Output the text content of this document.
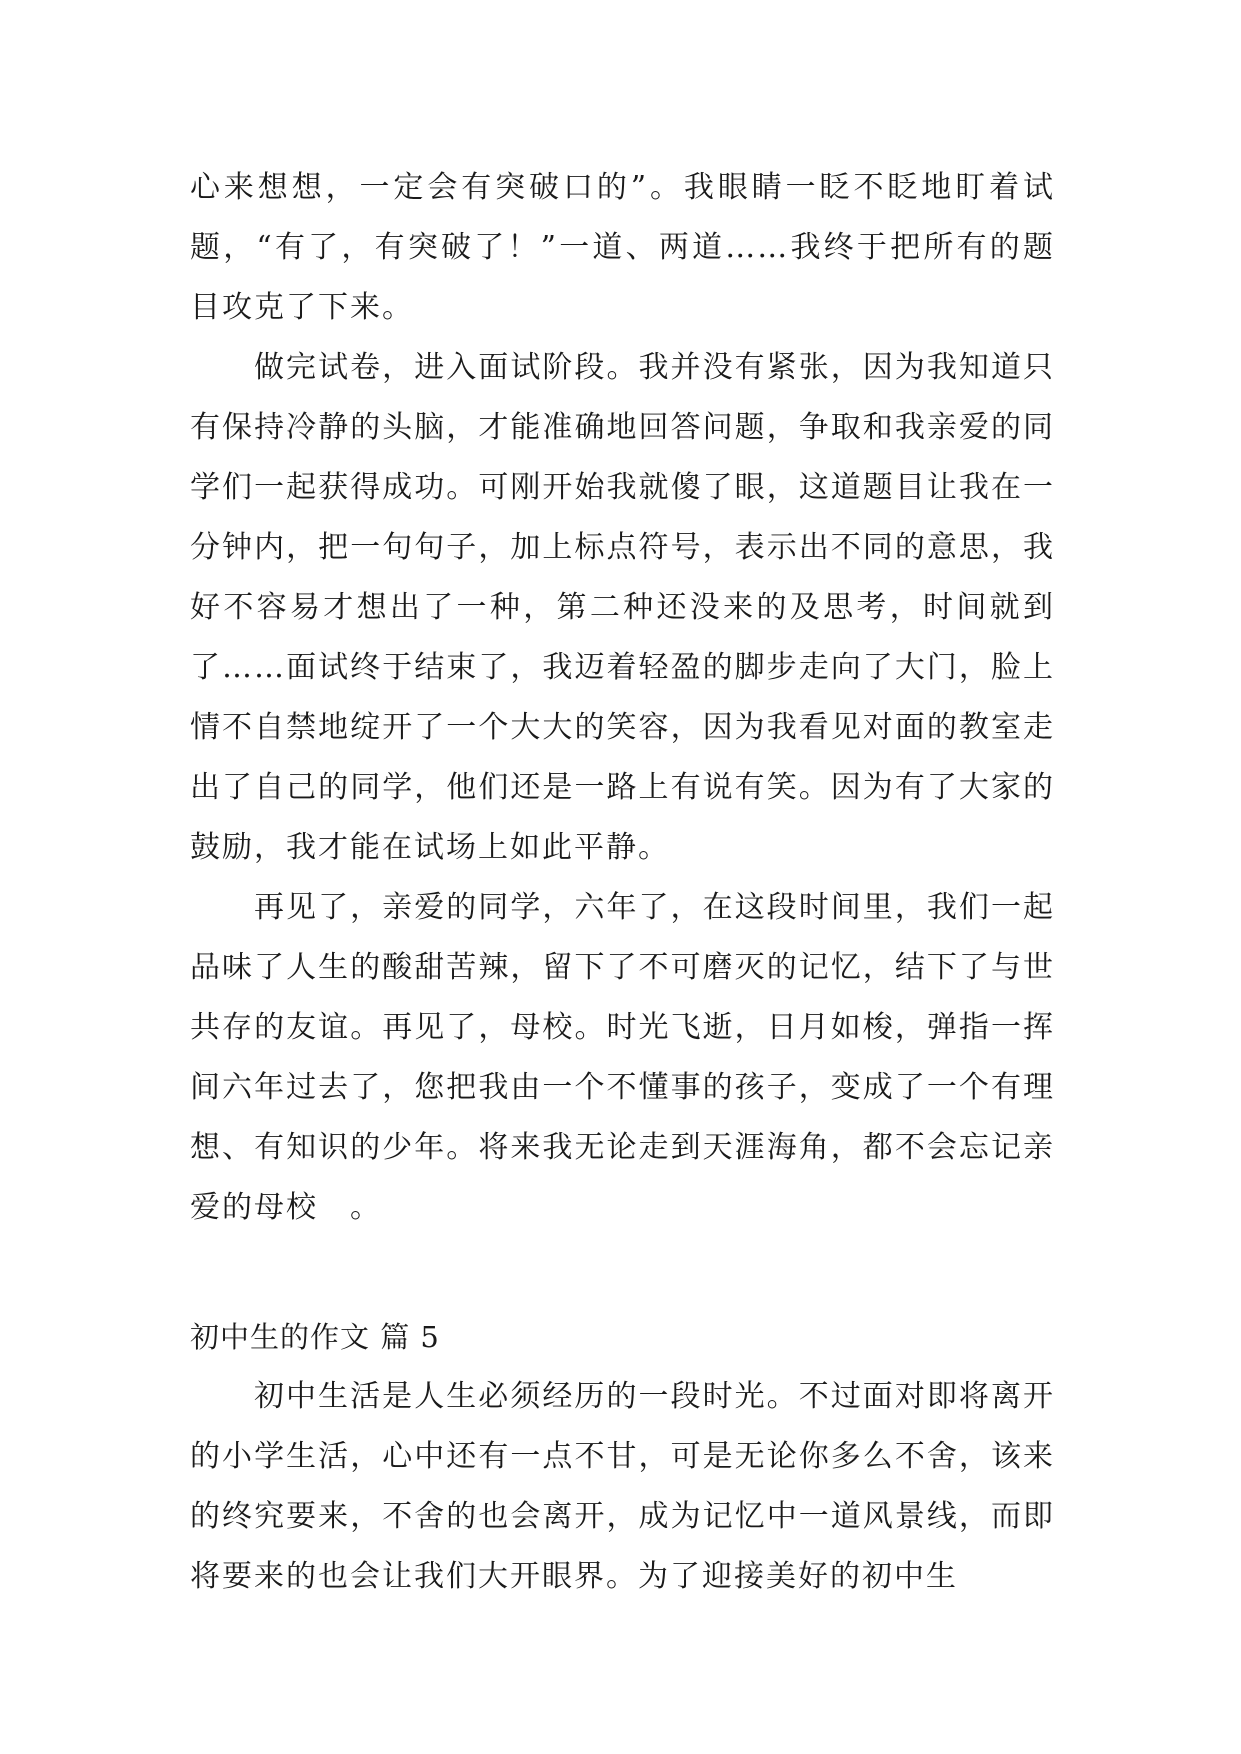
心来想想，一定会有突破口的”。我眼睛一眨不眨地盯着试题，“有了，有突破了！”一道、两道……我终于把所有的题目攻克了下来。

做完试卷，进入面试阶段。我并没有紧张，因为我知道只有保持冷静的头脑，才能准确地回答问题，争取和我亲爱的同学们一起获得成功。可刚开始我就傻了眼，这道题目让我在一分钟内，把一句句子，加上标点符号，表示出不同的意思，我好不容易才想出了一种，第二种还没来的及思考，时间就到了……面试终于结束了，我迈着轻盈的脚步走向了大门，脸上情不自禁地绽开了一个大大的笑容，因为我看见对面的教室走出了自己的同学，他们还是一路上有说有笑。因为有了大家的鼓励，我才能在试场上如此平静。

再见了，亲爱的同学，六年了，在这段时间里，我们一起品味了人生的酸甜苦辣，留下了不可磨灭的记忆，结下了与世共存的友谊。再见了，母校。时光飞逝，日月如梭，弹指一挥间六年过去了，您把我由一个不懂事的孩子，变成了一个有理想、有知识的少年。将来我无论走到天涯海角，都不会忘记亲爱的母校　。

初中生的作文 篇 5

初中生活是人生必须经历的一段时光。不过面对即将离开的小学生活，心中还有一点不甘，可是无论你多么不舍，该来的终究要来，不舍的也会离开，成为记忆中一道风景线，而即将要来的也会让我们大开眼界。为了迎接美好的初中生
